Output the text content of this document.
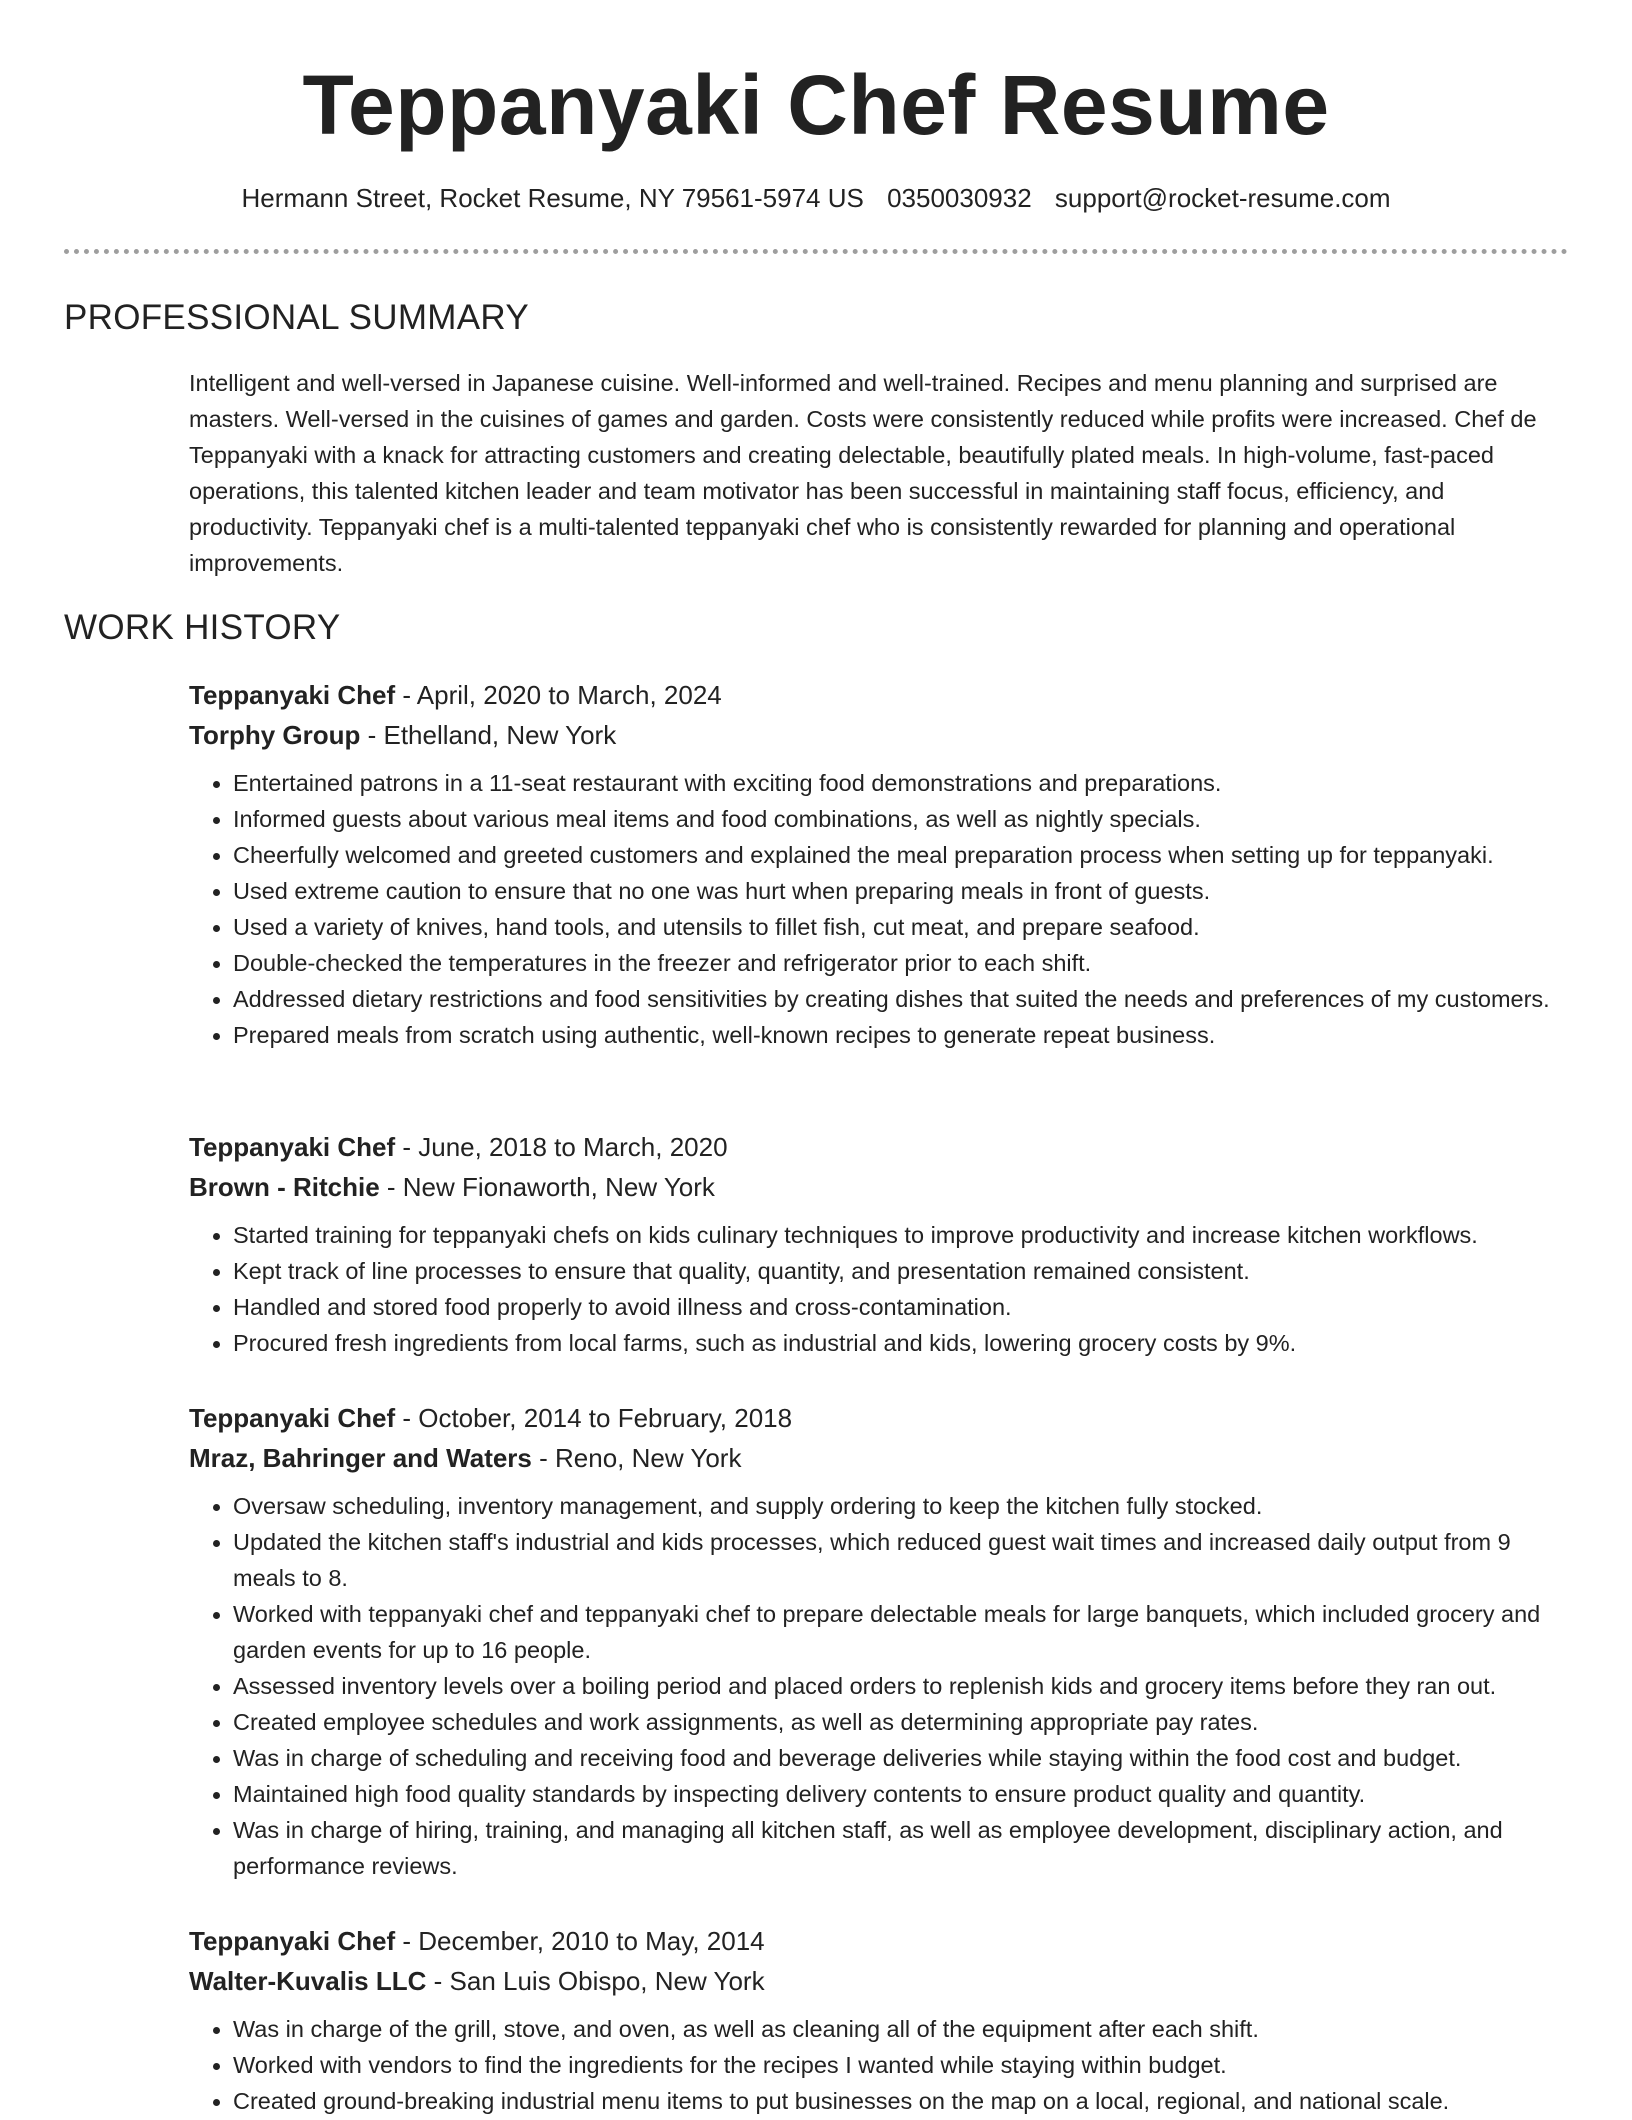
Teppanyaki Chef Resume
Hermann Street, Rocket Resume, NY 79561-5974 US 0350030932 support@rocket-resume.com
PROFESSIONAL SUMMARY

Intelligent and well-versed in Japanese cuisine. Well-informed and well-trained. Recipes and menu planning and surprised are masters. Well-versed in the cuisines of games and garden. Costs were consistently reduced while profits were increased. Chef de Teppanyaki with a knack for attracting customers and creating delectable, beautifully plated meals. In high-volume, fast-paced operations, this talented kitchen leader and team motivator has been successful in maintaining staff focus, efficiency, and productivity. Teppanyaki chef is a multi-talented teppanyaki chef who is consistently rewarded for planning and operational improvements.

WORK HISTORY
Teppanyaki Chef - April, 2020 to March, 2024
Torphy Group - Ethelland, New York
• Entertained patrons in a 11-seat restaurant with exciting food demonstrations and preparations.
• Informed guests about various meal items and food combinations, as well as nightly specials.
• Cheerfully welcomed and greeted customers and explained the meal preparation process when setting up for teppanyaki.
• Used extreme caution to ensure that no one was hurt when preparing meals in front of guests.
• Used a variety of knives, hand tools, and utensils to fillet fish, cut meat, and prepare seafood.
• Double-checked the temperatures in the freezer and refrigerator prior to each shift.
• Addressed dietary restrictions and food sensitivities by creating dishes that suited the needs and preferences of my customers.
• Prepared meals from scratch using authentic, well-known recipes to generate repeat business.
Teppanyaki Chef - June, 2018 to March, 2020
Brown - Ritchie - New Fionaworth, New York
• Started training for teppanyaki chefs on kids culinary techniques to improve productivity and increase kitchen workflows.
• Kept track of line processes to ensure that quality, quantity, and presentation remained consistent.
• Handled and stored food properly to avoid illness and cross-contamination.
• Procured fresh ingredients from local farms, such as industrial and kids, lowering grocery costs by 9%.
Teppanyaki Chef - October, 2014 to February, 2018
Mraz, Bahringer and Waters - Reno, New York
• Oversaw scheduling, inventory management, and supply ordering to keep the kitchen fully stocked.
• Updated the kitchen staff's industrial and kids processes, which reduced guest wait times and increased daily output from 9 meals to 8.
• Worked with teppanyaki chef and teppanyaki chef to prepare delectable meals for large banquets, which included grocery and garden events for up to 16 people.
• Assessed inventory levels over a boiling period and placed orders to replenish kids and grocery items before they ran out.
• Created employee schedules and work assignments, as well as determining appropriate pay rates.
• Was in charge of scheduling and receiving food and beverage deliveries while staying within the food cost and budget.
• Maintained high food quality standards by inspecting delivery contents to ensure product quality and quantity.
• Was in charge of hiring, training, and managing all kitchen staff, as well as employee development, disciplinary action, and performance reviews.
Teppanyaki Chef - December, 2010 to May, 2014
Walter-Kuvalis LLC - San Luis Obispo, New York
• Was in charge of the grill, stove, and oven, as well as cleaning all of the equipment after each shift.
• Worked with vendors to find the ingredients for the recipes I wanted while staying within budget.
• Created ground-breaking industrial menu items to put businesses on the map on a local, regional, and national scale.
